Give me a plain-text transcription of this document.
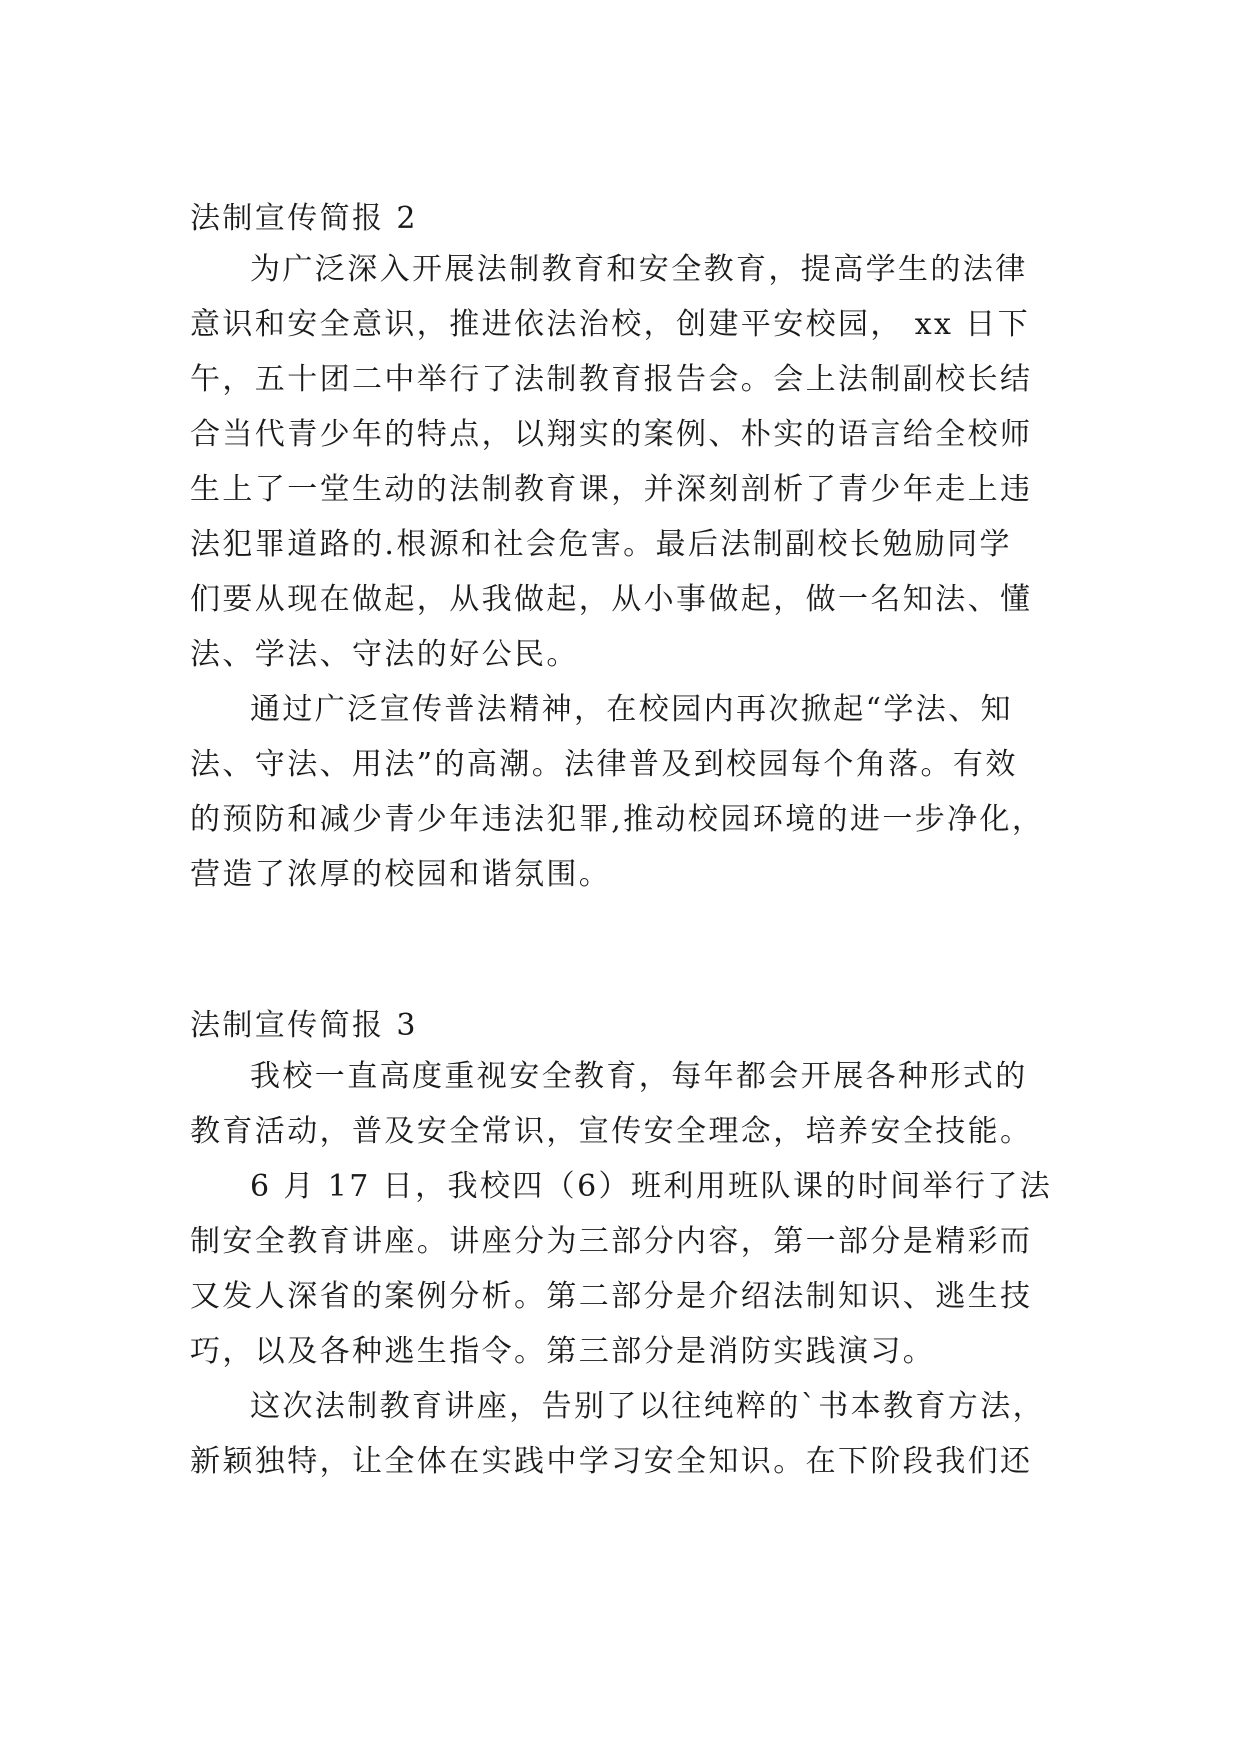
法制宣传简报 2
为广泛深入开展法制教育和安全教育，提高学生的法律
意识和安全意识，推进依法治校，创建平安校园， xx 日下
午，五十团二中举行了法制教育报告会。会上法制副校长结
合当代青少年的特点，以翔实的案例、朴实的语言给全校师
生上了一堂生动的法制教育课，并深刻剖析了青少年走上违
法犯罪道路的.根源和社会危害。最后法制副校长勉励同学
们要从现在做起，从我做起，从小事做起，做一名知法、懂
法、学法、守法的好公民。
通过广泛宣传普法精神，在校园内再次掀起“学法、知
法、守法、用法”的高潮。法律普及到校园每个角落。有效
的预防和减少青少年违法犯罪,推动校园环境的进一步净化，
营造了浓厚的校园和谐氛围。
法制宣传简报 3
我校一直高度重视安全教育，每年都会开展各种形式的
教育活动，普及安全常识，宣传安全理念，培养安全技能。
6 月 17 日，我校四（6）班利用班队课的时间举行了法
制安全教育讲座。讲座分为三部分内容，第一部分是精彩而
又发人深省的案例分析。第二部分是介绍法制知识、逃生技
巧，以及各种逃生指令。第三部分是消防实践演习。
这次法制教育讲座，告别了以往纯粹的`书本教育方法，
新颖独特，让全体在实践中学习安全知识。在下阶段我们还
